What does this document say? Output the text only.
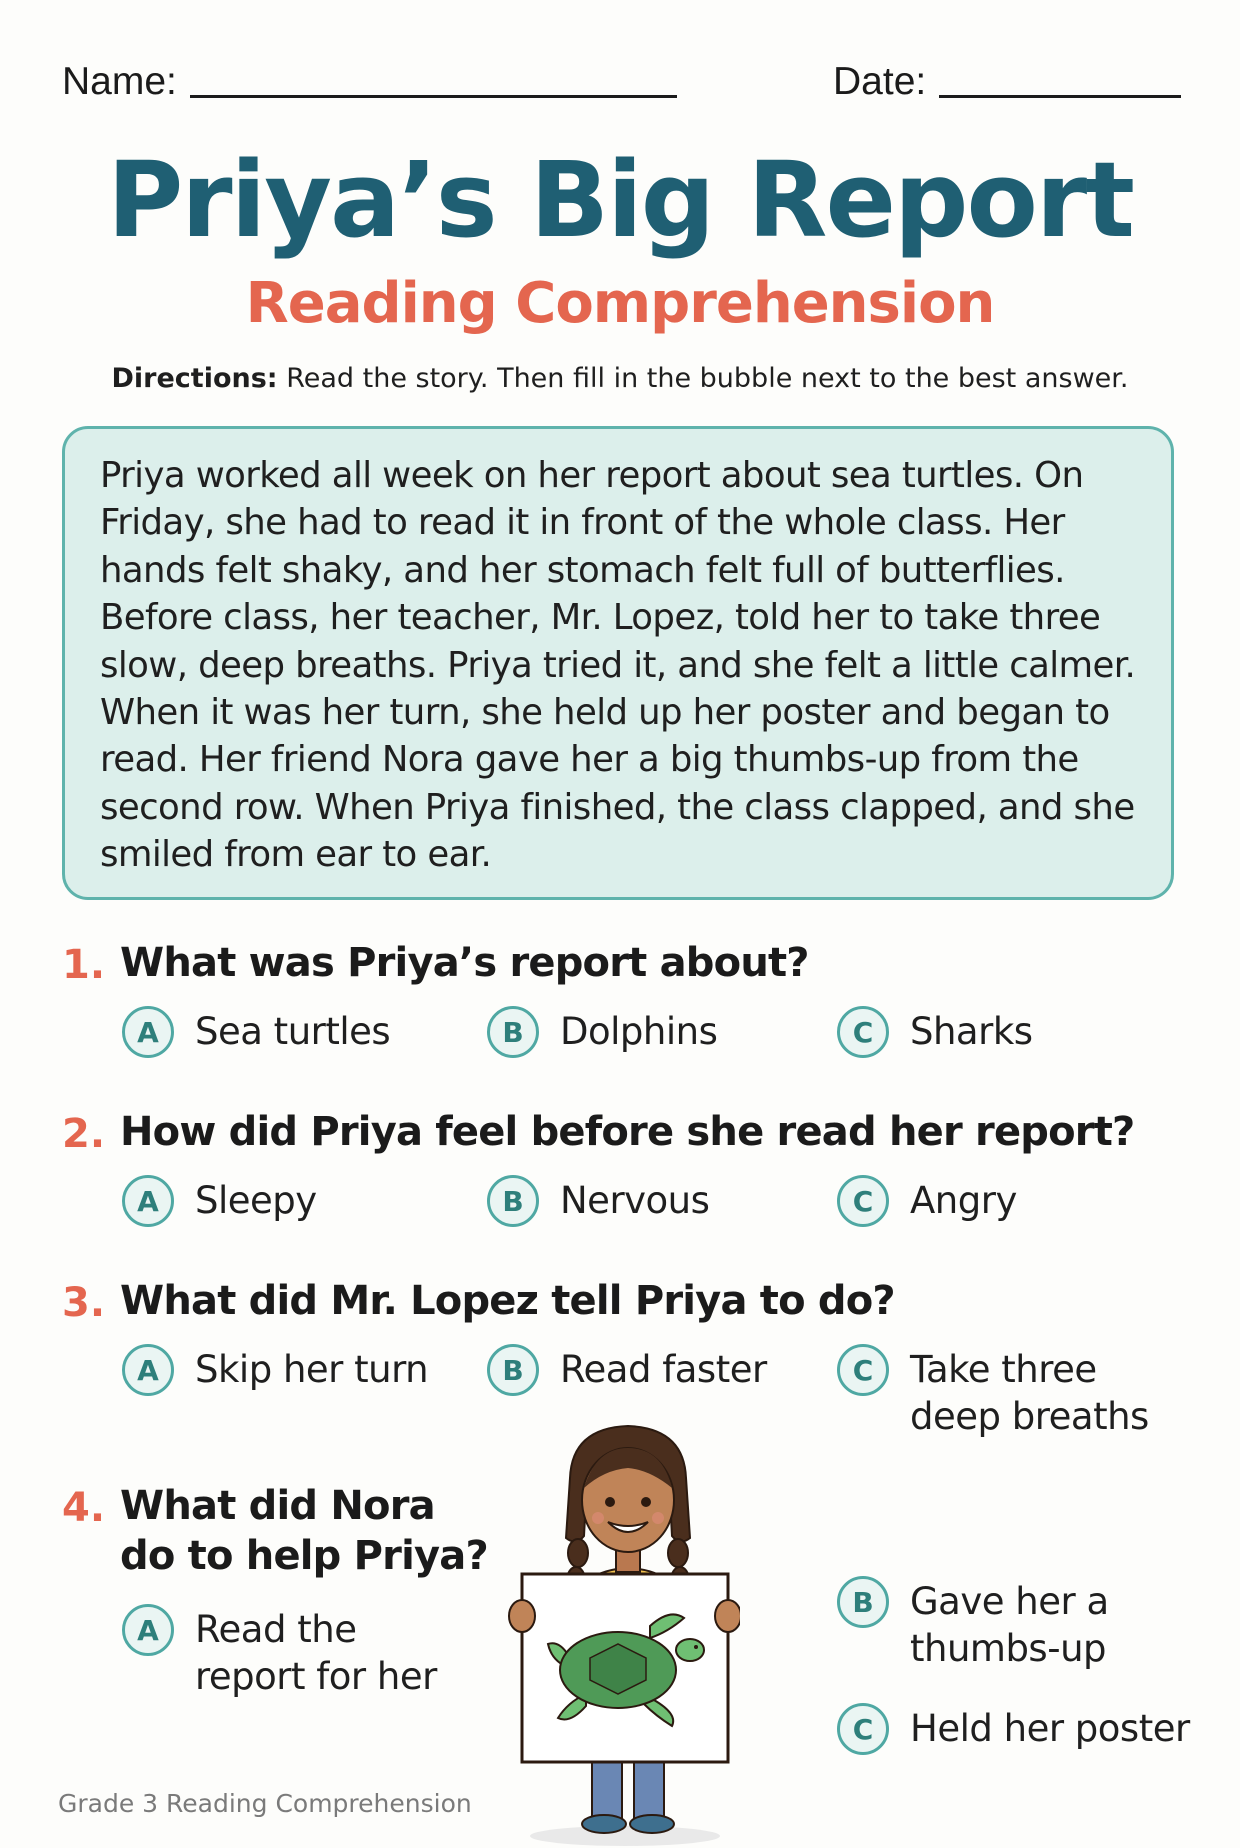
Name:	Date:
Priya’s Big Report
Reading Comprehension
Directions: Read the story. Then fill in the bubble next to the best answer.
Priya worked all week on her report about sea turtles. On
Friday, she had to read it in front of the whole class. Her
hands felt shaky, and her stomach felt full of butterflies.
Before class, her teacher, Mr. Lopez, told her to take three
slow, deep breaths. Priya tried it, and she felt a little calmer.
When it was her turn, she held up her poster and began to
read. Her friend Nora gave her a big thumbs-up from the
second row. When Priya finished, the class clapped, and she
smiled from ear to ear.
1. What was Priya’s report about?
A Sea turtles	B Dolphins	C Sharks
2. How did Priya feel before she read her report?
A Sleepy	B Nervous	C Angry
3. What did Mr. Lopez tell Priya to do?
A Skip her turn	B Read faster	C Take three
deep breaths
4. What did Nora
do to help Priya?
A Read the
report for her
B Gave her a
thumbs-up
C Held her poster
Grade 3 Reading Comprehension
